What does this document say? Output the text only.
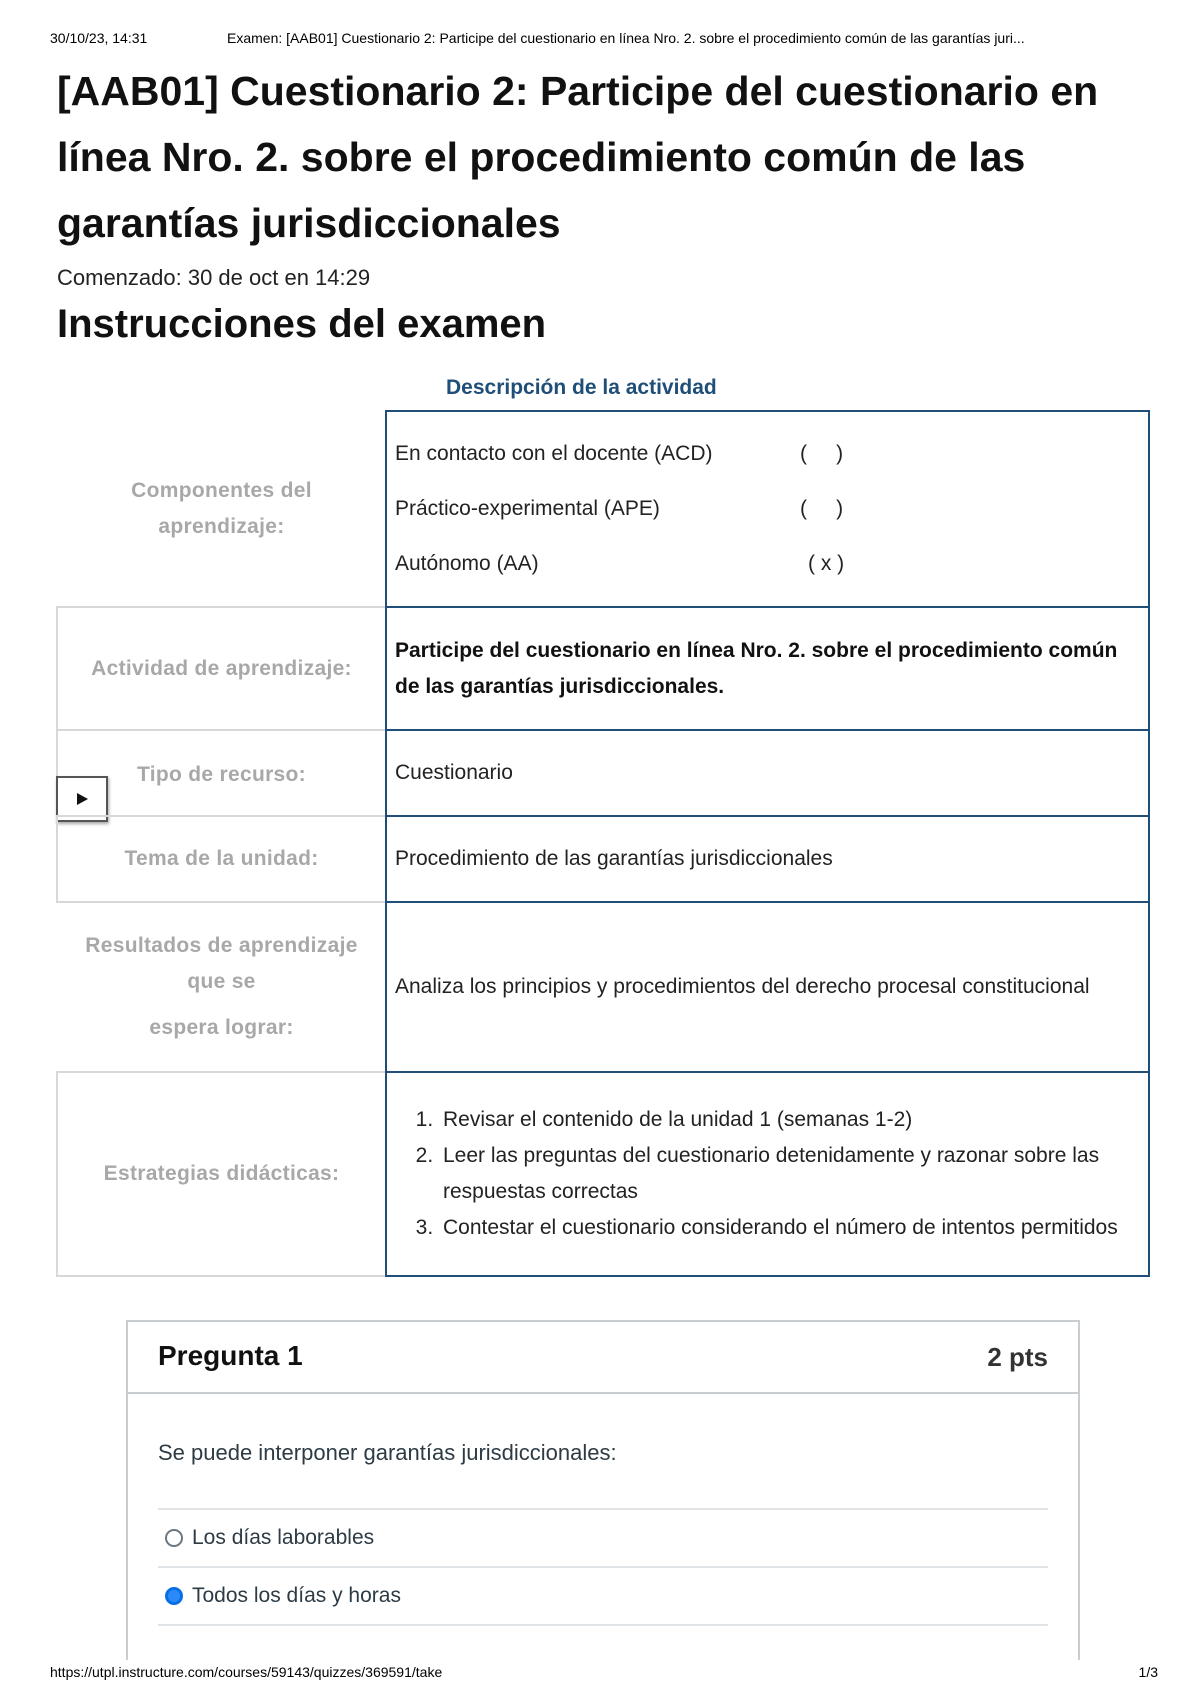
30/10/23, 14:31	Examen: [AAB01] Cuestionario 2: Participe del cuestionario en línea Nro. 2. sobre el procedimiento común de las garantías juri...
[AAB01] Cuestionario 2: Participe del cuestionario en línea Nro. 2. sobre el procedimiento común de las garantías jurisdiccionales
Comenzado: 30 de oct en 14:29
Instrucciones del examen
Descripción de la actividad
Componentes del
aprendizaje:
En contacto con el docente (ACD)	(     )
Práctico-experimental (APE)	(     )
Autónomo (AA)	( x )
Actividad de aprendizaje:
Participe del cuestionario en línea Nro. 2. sobre el procedimiento común de las garantías jurisdiccionales.
Tipo de recurso:	Cuestionario
Tema de la unidad:	Procedimiento de las garantías jurisdiccionales
Resultados de aprendizaje que se
espera lograr:
Analiza los principios y procedimientos del derecho procesal constitucional
Estrategias didácticas:
1. Revisar el contenido de la unidad 1 (semanas 1-2)
2. Leer las preguntas del cuestionario detenidamente y razonar sobre las respuestas correctas
3. Contestar el cuestionario considerando el número de intentos permitidos
Pregunta 1	2 pts
Se puede interponer garantías jurisdiccionales:
Los días laborables
Todos los días y horas
https://utpl.instructure.com/courses/59143/quizzes/369591/take	1/3
